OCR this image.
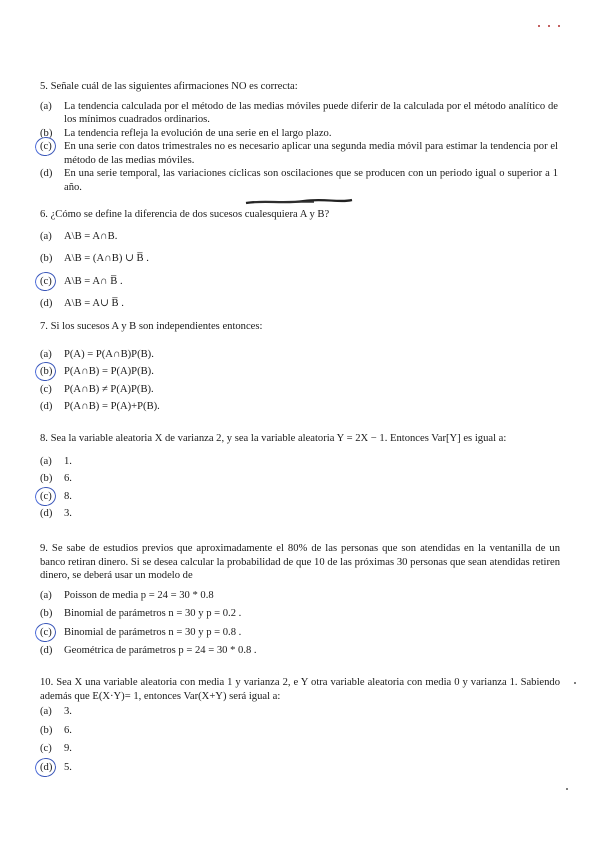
5. Señale cuál de las siguientes afirmaciones NO es correcta:

(a)	La tendencia calculada por el método de las medias móviles puede diferir de la calculada por el método analítico de los mínimos cuadrados ordinarios.
(b)	La tendencia refleja la evolución de una serie en el largo plazo.
(c)	En una serie con datos trimestrales no es necesario aplicar una segunda media móvil para estimar la tendencia por el método de las medias móviles.
(d)	En una serie temporal, las variaciones cíclicas son oscilaciones que se producen con un periodo igual o superior a 1 año.

6. ¿Cómo se define la diferencia de dos sucesos cualesquiera A y B?

(a)	A\B = A∩B.
(b)	A\B = (A∩B) ∪ B̅ .
(c)	A\B = A∩ B̅ .
(d)	A\B = A∪ B̅ .

7. Si los sucesos A y B son independientes entonces:

(a)	P(A) = P(A∩B)P(B).
(b)	P(A∩B) = P(A)P(B).
(c)	P(A∩B) ≠ P(A)P(B).
(d)	P(A∩B) = P(A)+P(B).

8. Sea la variable aleatoria X de varianza 2, y sea la variable aleatoria Y = 2X − 1. Entonces Var[Y] es igual a:

(a)	1.
(b)	6.
(c)	8.
(d)	3.

9. Se sabe de estudios previos que aproximadamente el 80% de las personas que son atendidas en la ventanilla de un banco retiran dinero. Si se desea calcular la probabilidad de que 10 de las próximas 30 personas que sean atendidas retiren dinero, se deberá usar un modelo de

(a)	Poisson de media p = 24 = 30 * 0.8
(b)	Binomial de parámetros n = 30 y p = 0.2 .
(c)	Binomial de parámetros n = 30 y p = 0.8 .
(d)	Geométrica de parámetros p = 24 = 30 * 0.8 .

10. Sea X una variable aleatoria con media 1 y varianza 2, e Y otra variable aleatoria con media 0 y varianza 1. Sabiendo además que E(X·Y)= 1, entonces Var(X+Y) será igual a:

(a)	3.
(b)	6.
(c)	9.
(d)	5.
